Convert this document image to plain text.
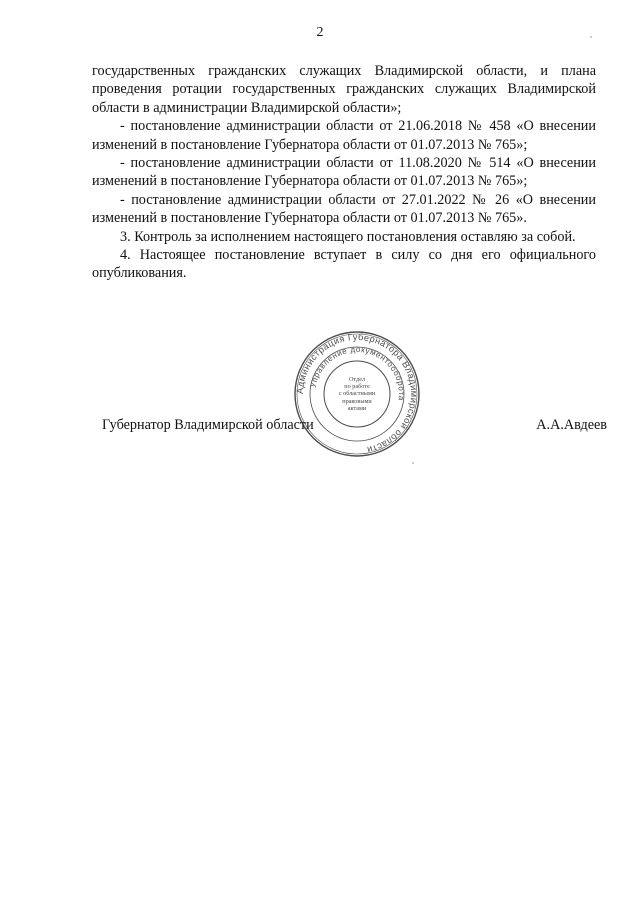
2

государственных гражданских служащих Владимирской области, и плана проведения ротации государственных гражданских служащих Владимирской области в администрации Владимирской области»;

- постановление администрации области от 21.06.2018 № 458 «О внесении изменений в постановление Губернатора области от 01.07.2013 № 765»;

- постановление администрации области от 11.08.2020 № 514 «О внесении изменений в постановление Губернатора области от 01.07.2013 № 765»;

- постановление администрации области от 27.01.2022 № 26 «О внесении изменений в постановление Губернатора области от 01.07.2013 № 765».

3. Контроль за исполнением настоящего постановления оставляю за собой.

4. Настоящее постановление вступает в силу со дня его официального опубликования.

Губернатор Владимирской области	А.А.Авдеев
Администрация Губернатора Владимирской области
Управление документооборота
Отдел
по работе
с областными
правовыми
актами
